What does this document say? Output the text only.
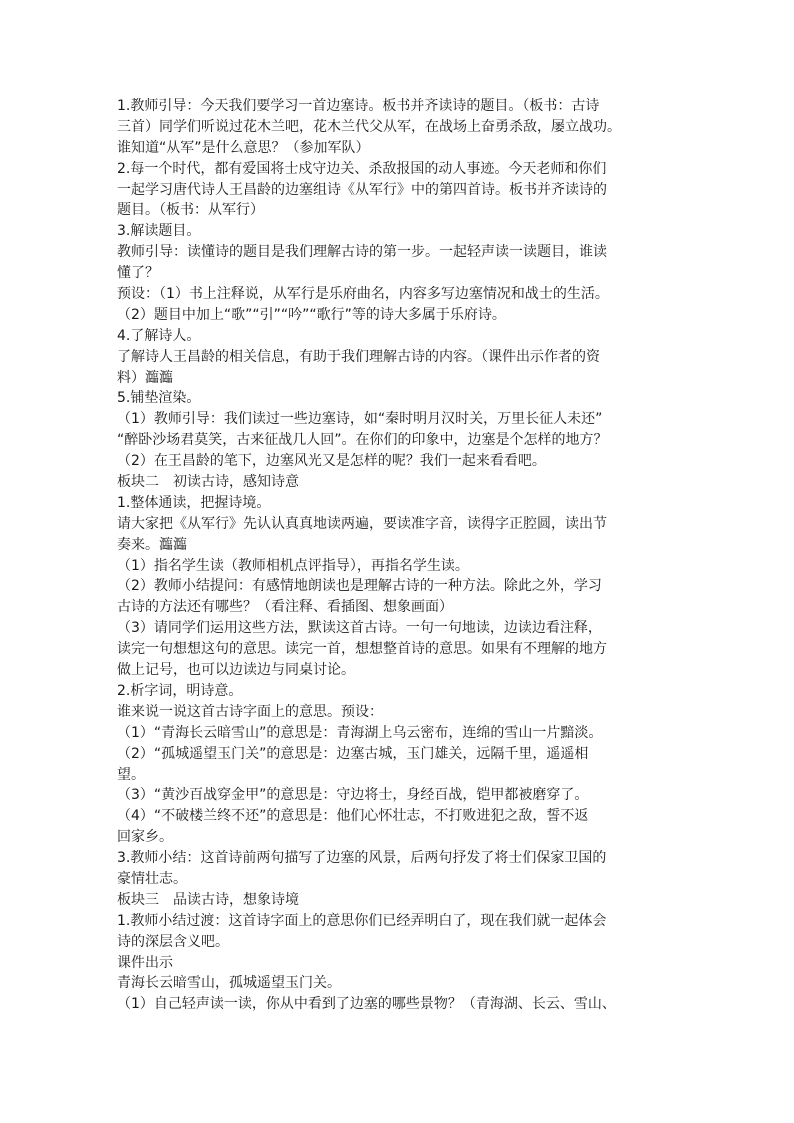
1.教师引导：今天我们要学习一首边塞诗。板书并齐读诗的题目。（板书：古诗
三首）同学们听说过花木兰吧，花木兰代父从军，在战场上奋勇杀敌，屡立战功。
谁知道“从军”是什么意思？（参加军队）
2.每一个时代，都有爱国将士戍守边关、杀敌报国的动人事迹。今天老师和你们
一起学习唐代诗人王昌龄的边塞组诗《从军行》中的第四首诗。板书并齐读诗的
题目。（板书：从军行）
3.解读题目。
教师引导：读懂诗的题目是我们理解古诗的第一步。一起轻声读一读题目，谁读
懂了？
预设：（1）书上注释说，从军行是乐府曲名，内容多写边塞情况和战士的生活。
（2）题目中加上“歌”“引”“吟”“歌行”等的诗大多属于乐府诗。
4.了解诗人。
了解诗人王昌龄的相关信息，有助于我们理解古诗的内容。（课件出示作者的资
料）瀶瀶
5.铺垫渲染。
（1）教师引导：我们读过一些边塞诗，如“秦时明月汉时关，万里长征人未还”
“醉卧沙场君莫笑，古来征战几人回”。在你们的印象中，边塞是个怎样的地方？
（2）在王昌龄的笔下，边塞风光又是怎样的呢？我们一起来看看吧。
板块二　初读古诗，感知诗意
1.整体通读，把握诗境。
请大家把《从军行》先认认真真地读两遍，要读准字音，读得字正腔圆，读出节
奏来。瀶瀶
（1）指名学生读（教师相机点评指导），再指名学生读。
（2）教师小结提问：有感情地朗读也是理解古诗的一种方法。除此之外，学习
古诗的方法还有哪些？（看注释、看插图、想象画面）
（3）请同学们运用这些方法，默读这首古诗。一句一句地读，边读边看注释，
读完一句想想这句的意思。读完一首，想想整首诗的意思。如果有不理解的地方
做上记号，也可以边读边与同桌讨论。
2.析字词，明诗意。
谁来说一说这首古诗字面上的意思。预设：
（1）“青海长云暗雪山”的意思是：青海湖上乌云密布，连绵的雪山一片黯淡。
（2）“孤城遥望玉门关”的意思是：边塞古城，玉门雄关，远隔千里，遥遥相
望。
（3）“黄沙百战穿金甲”的意思是：守边将士，身经百战，铠甲都被磨穿了。
（4）“不破楼兰终不还”的意思是：他们心怀壮志，不打败进犯之敌，誓不返
回家乡。
3.教师小结：这首诗前两句描写了边塞的风景，后两句抒发了将士们保家卫国的
豪情壮志。
板块三　品读古诗，想象诗境
1.教师小结过渡：这首诗字面上的意思你们已经弄明白了，现在我们就一起体会
诗的深层含义吧。
课件出示
青海长云暗雪山，孤城遥望玉门关。
（1）自己轻声读一读，你从中看到了边塞的哪些景物？（青海湖、长云、雪山、
